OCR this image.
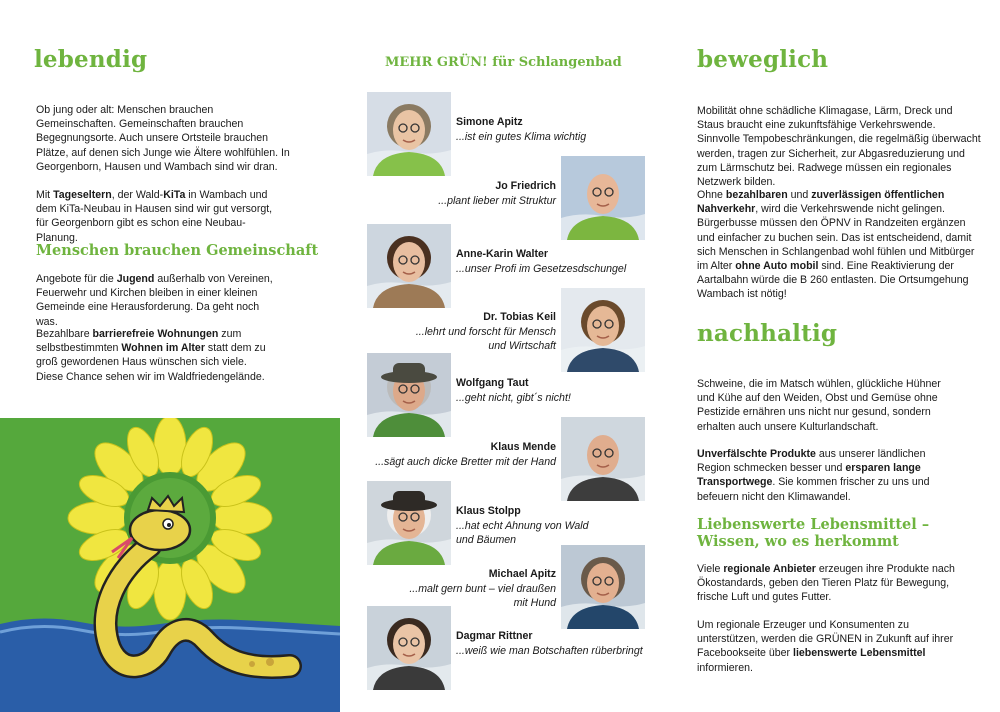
lebendig

Ob jung oder alt: Menschen brauchen Gemeinschaften. Gemeinschaften brauchen Begegnungsorte. Auch unsere Ortsteile brauchen Plätze, auf denen sich Junge wie Ältere wohlfühlen. In Georgenborn, Hausen und Wambach sind wir dran.

Mit Tageseltern, der Wald-KiTa in Wambach und dem KiTa-Neubau in Hausen sind wir gut versorgt, für Georgenborn gibt es schon eine Neubau-Planung.

Menschen brauchen Gemeinschaft

Angebote für die Jugend außerhalb von Vereinen, Feuerwehr und Kirchen bleiben in einer kleinen Gemeinde eine Herausforderung. Da geht noch was.

Bezahlbare barrierefreie Wohnungen zum selbstbestimmten Wohnen im Alter statt dem zu groß gewordenen Haus wünschen sich viele. Diese Chance sehen wir im Waldfriedengelände.

MEHR GRÜN! für Schlangenbad
Simone Apitz
...ist ein gutes Klima wichtig
Jo Friedrich
...plant lieber mit Struktur
Anne-Karin Walter
...unser Profi im Gesetzesdschungel
Dr. Tobias Keil
...lehrt und forscht für Mensch
und Wirtschaft
Wolfgang Taut
...geht nicht, gibt´s nicht!
Klaus Mende
...sägt auch dicke Bretter mit der Hand
Klaus Stolpp
...hat echt Ahnung von Wald
und Bäumen
Michael Apitz
...malt gern bunt – viel draußen
mit Hund
Dagmar Rittner
...weiß wie man Botschaften rüberbringt
beweglich

Mobilität ohne schädliche Klimagase, Lärm, Dreck und Staus braucht eine zukunftsfähige Verkehrswende. Sinnvolle Tempobeschränkungen, die regelmäßig überwacht werden, tragen zur Sicherheit, zur Abgasreduzierung und zum Lärmschutz bei. Radwege müssen ein regionales Netzwerk bilden.

Ohne bezahlbaren und zuverlässigen öffentlichen Nahverkehr, wird die Verkehrswende nicht gelingen. Bürgerbusse müssen den ÖPNV in Randzeiten ergänzen und einfacher zu buchen sein. Das ist entscheidend, damit sich Menschen in Schlangenbad wohl fühlen und Mitbürger im Alter ohne Auto mobil sind. Eine Reaktivierung der Aartalbahn würde die B 260 entlasten. Die Ortsumgehung Wambach ist nötig!

nachhaltig

Schweine, die im Matsch wühlen, glückliche Hühner und Kühe auf den Weiden, Obst und Gemüse ohne Pestizide ernähren uns nicht nur gesund, sondern erhalten auch unsere Kulturlandschaft.

Unverfälschte Produkte aus unserer ländlichen Region schmecken besser und ersparen lange Transportwege. Sie kommen frischer zu uns und befeuern nicht den Klimawandel.

Liebenswerte Lebensmittel –
Wissen, wo es herkommt

Viele regionale Anbieter erzeugen ihre Produkte nach Ökostandards, geben den Tieren Platz für Bewegung, frische Luft und gutes Futter.

Um regionale Erzeuger und Konsumenten zu unterstützen, werden die GRÜNEN in Zukunft auf ihrer Facebookseite über liebenswerte Lebensmittel informieren.
